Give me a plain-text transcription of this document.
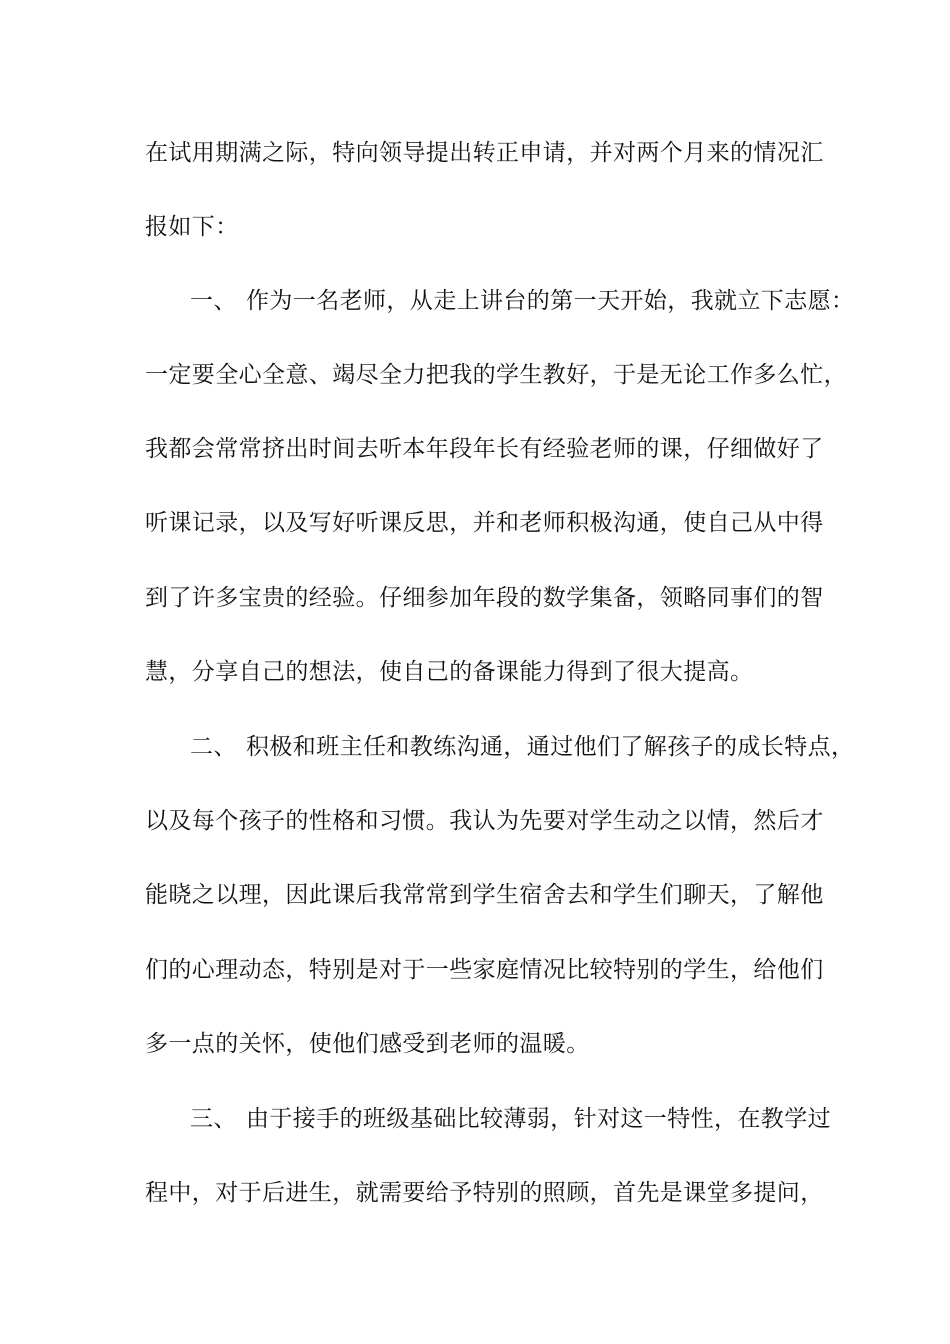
在试用期满之际，特向领导提出转正申请，并对两个月来的情况汇
报如下：
一、 作为一名老师，从走上讲台的第一天开始，我就立下志愿：
一定要全心全意、竭尽全力把我的学生教好，于是无论工作多么忙，
我都会常常挤出时间去听本年段年长有经验老师的课，仔细做好了
听课记录，以及写好听课反思，并和老师积极沟通，使自己从中得
到了许多宝贵的经验。仔细参加年段的数学集备，领略同事们的智
慧，分享自己的想法，使自己的备课能力得到了很大提高。
二、 积极和班主任和教练沟通，通过他们了解孩子的成长特点，
以及每个孩子的性格和习惯。我认为先要对学生动之以情，然后才
能晓之以理，因此课后我常常到学生宿舍去和学生们聊天，了解他
们的心理动态，特别是对于一些家庭情况比较特别的学生，给他们
多一点的关怀，使他们感受到老师的温暖。
三、 由于接手的班级基础比较薄弱，针对这一特性，在教学过
程中，对于后进生，就需要给予特别的照顾，首先是课堂多提问，
